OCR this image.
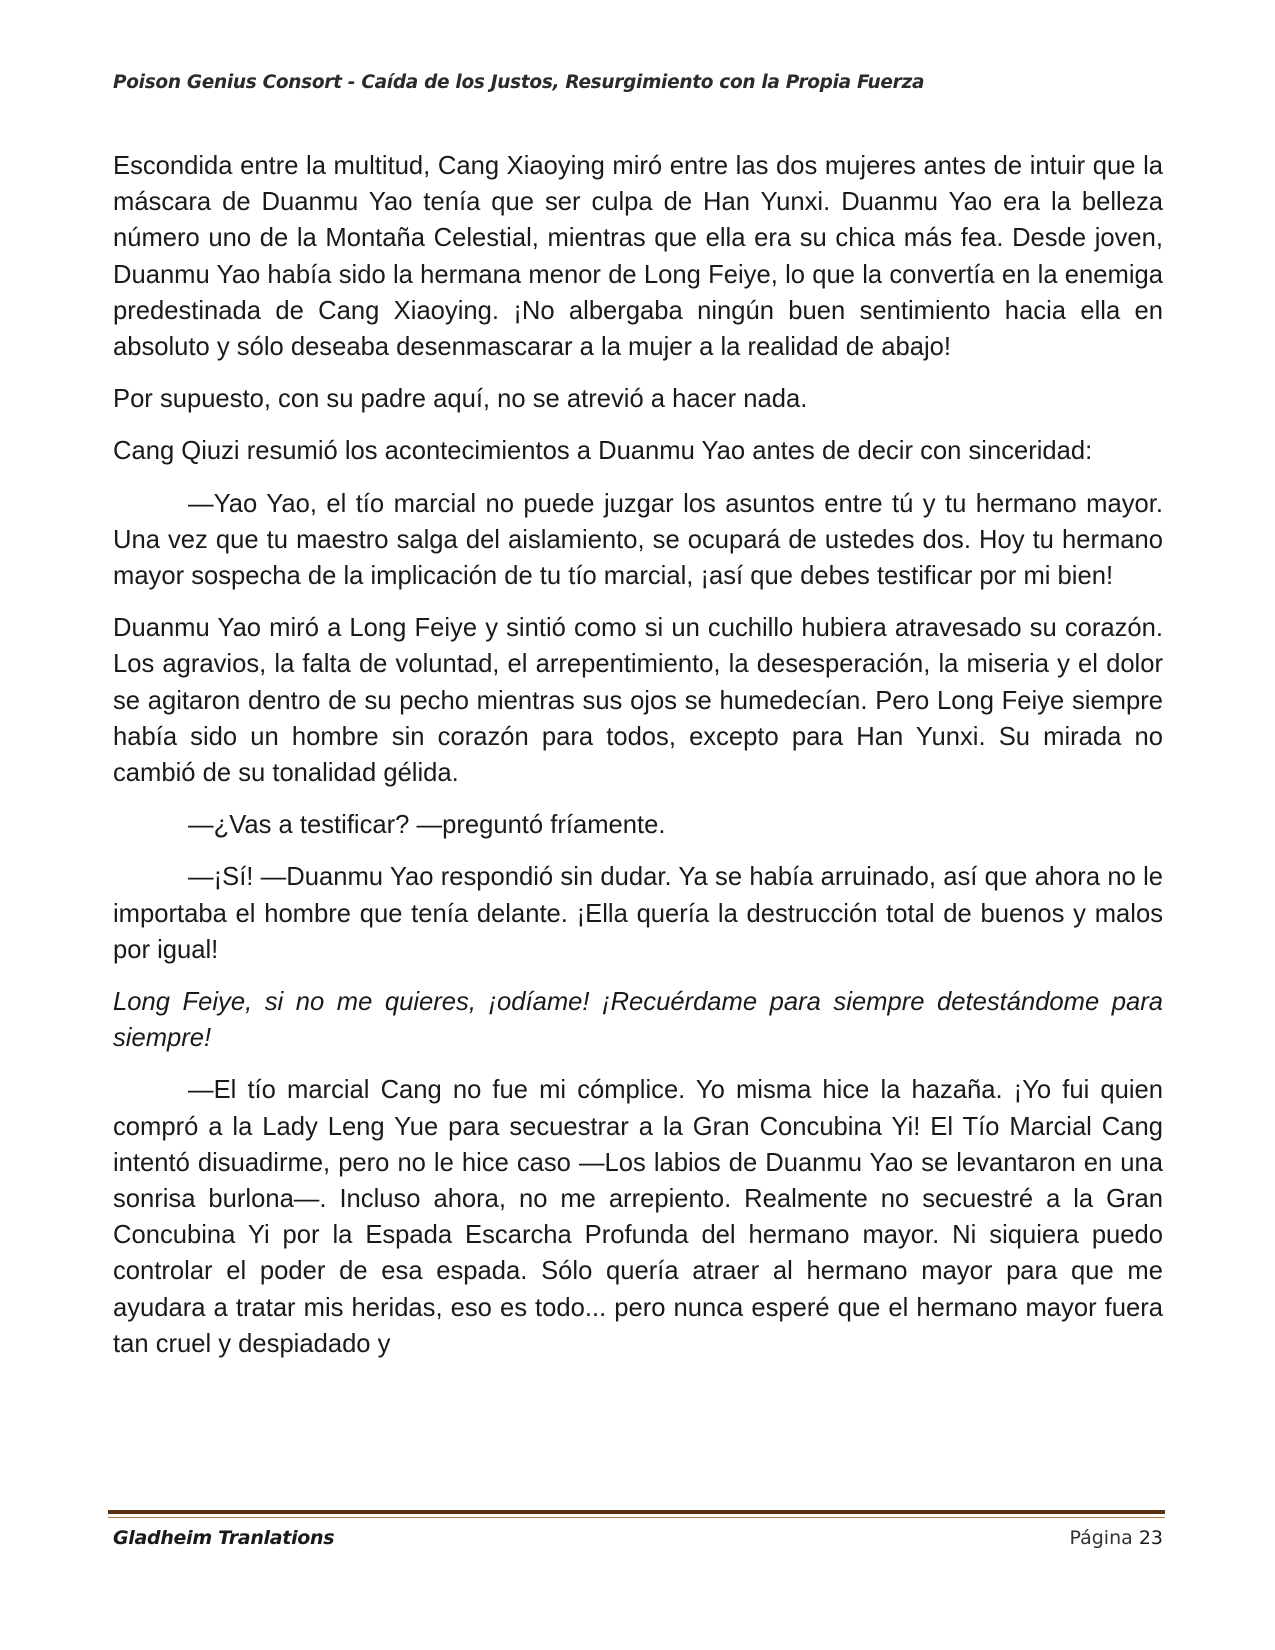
Poison Genius Consort - Caída de los Justos, Resurgimiento con la Propia Fuerza

Escondida entre la multitud, Cang Xiaoying miró entre las dos mujeres antes de intuir que la máscara de Duanmu Yao tenía que ser culpa de Han Yunxi. Duanmu Yao era la belleza número uno de la Montaña Celestial, mientras que ella era su chica más fea. Desde joven, Duanmu Yao había sido la hermana menor de Long Feiye, lo que la convertía en la enemiga predestinada de Cang Xiaoying. ¡No albergaba ningún buen sentimiento hacia ella en absoluto y sólo deseaba desenmascarar a la mujer a la realidad de abajo!

Por supuesto, con su padre aquí, no se atrevió a hacer nada.

Cang Qiuzi resumió los acontecimientos a Duanmu Yao antes de decir con sinceridad:

—Yao Yao, el tío marcial no puede juzgar los asuntos entre tú y tu hermano mayor. Una vez que tu maestro salga del aislamiento, se ocupará de ustedes dos. Hoy tu hermano mayor sospecha de la implicación de tu tío marcial, ¡así que debes testificar por mi bien!

Duanmu Yao miró a Long Feiye y sintió como si un cuchillo hubiera atravesado su corazón. Los agravios, la falta de voluntad, el arrepentimiento, la desesperación, la miseria y el dolor se agitaron dentro de su pecho mientras sus ojos se humedecían. Pero Long Feiye siempre había sido un hombre sin corazón para todos, excepto para Han Yunxi. Su mirada no cambió de su tonalidad gélida.

—¿Vas a testificar? —preguntó fríamente.

—¡Sí! —Duanmu Yao respondió sin dudar. Ya se había arruinado, así que ahora no le importaba el hombre que tenía delante. ¡Ella quería la destrucción total de buenos y malos por igual!

Long Feiye, si no me quieres, ¡odíame! ¡Recuérdame para siempre detestándome para siempre!

—El tío marcial Cang no fue mi cómplice. Yo misma hice la hazaña. ¡Yo fui quien compró a la Lady Leng Yue para secuestrar a la Gran Concubina Yi! El Tío Marcial Cang intentó disuadirme, pero no le hice caso —Los labios de Duanmu Yao se levantaron en una sonrisa burlona—. Incluso ahora, no me arrepiento. Realmente no secuestré a la Gran Concubina Yi por la Espada Escarcha Profunda del hermano mayor. Ni siquiera puedo controlar el poder de esa espada. Sólo quería atraer al hermano mayor para que me ayudara a tratar mis heridas, eso es todo... pero nunca esperé que el hermano mayor fuera tan cruel y despiadado y

Gladheim Tranlations	Página 23
